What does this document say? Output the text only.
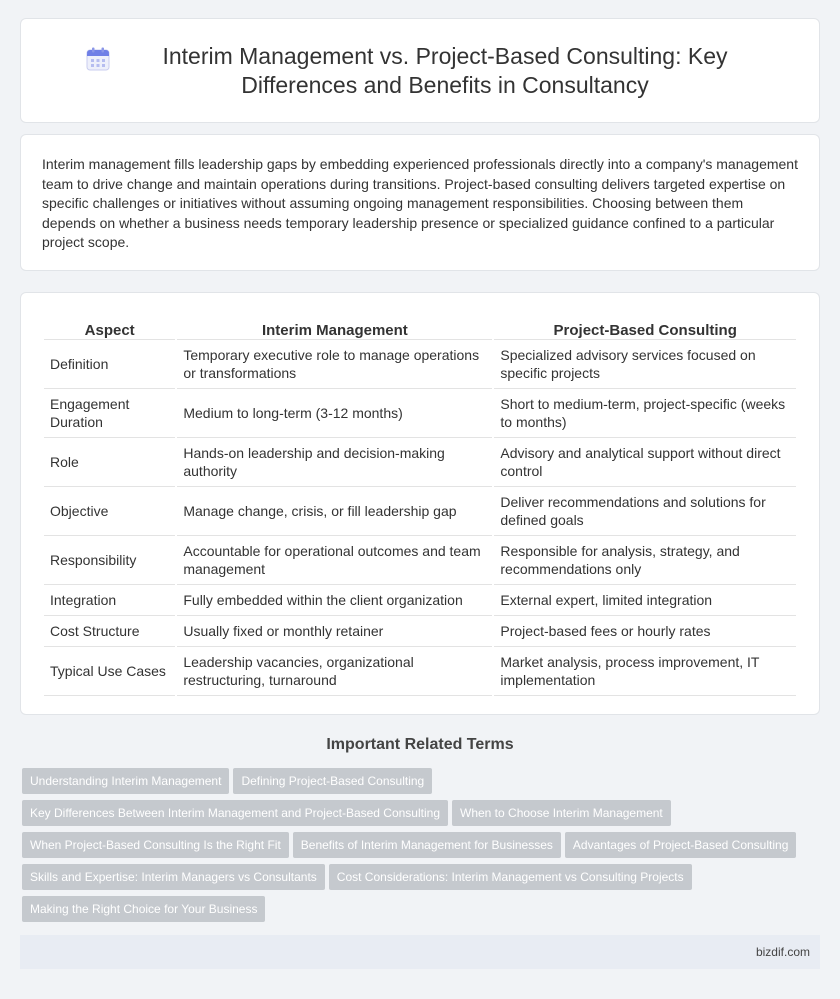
Interim Management vs. Project-Based Consulting: Key Differences and Benefits in Consultancy

Interim management fills leadership gaps by embedding experienced professionals directly into a company's management team to drive change and maintain operations during transitions. Project-based consulting delivers targeted expertise on specific challenges or initiatives without assuming ongoing management responsibilities. Choosing between them depends on whether a business needs temporary leadership presence or specialized guidance confined to a particular project scope.

Aspect	Interim Management	Project-Based Consulting
Definition	Temporary executive role to manage operations or transformations	Specialized advisory services focused on specific projects
Engagement Duration	Medium to long-term (3-12 months)	Short to medium-term, project-specific (weeks to months)
Role	Hands-on leadership and decision-making authority	Advisory and analytical support without direct control
Objective	Manage change, crisis, or fill leadership gap	Deliver recommendations and solutions for defined goals
Responsibility	Accountable for operational outcomes and team management	Responsible for analysis, strategy, and recommendations only
Integration	Fully embedded within the client organization	External expert, limited integration
Cost Structure	Usually fixed or monthly retainer	Project-based fees or hourly rates
Typical Use Cases	Leadership vacancies, organizational restructuring, turnaround	Market analysis, process improvement, IT implementation
Important Related Terms
Understanding Interim Management Defining Project-Based Consulting
Key Differences Between Interim Management and Project-Based Consulting When to Choose Interim Management
When Project-Based Consulting Is the Right Fit Benefits of Interim Management for Businesses Advantages of Project-Based Consulting
Skills and Expertise: Interim Managers vs Consultants Cost Considerations: Interim Management vs Consulting Projects
Making the Right Choice for Your Business
bizdif.com
